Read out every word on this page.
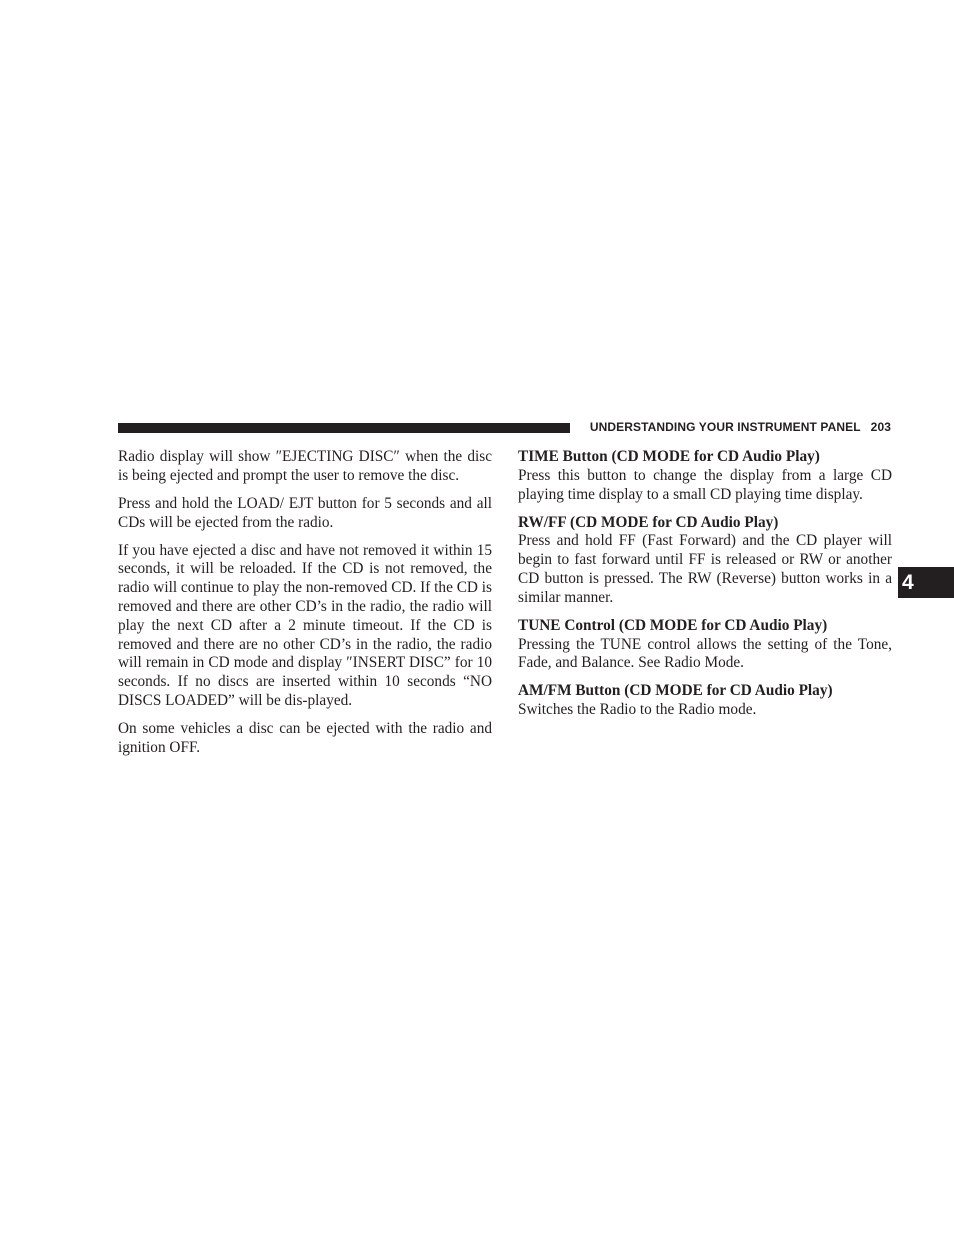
UNDERSTANDING YOUR INSTRUMENT PANEL 203
4

Radio display will show ″EJECTING DISC″ when the disc is being ejected and prompt the user to remove the disc.

Press and hold the LOAD/ EJT button for 5 seconds and all CDs will be ejected from the radio.

If you have ejected a disc and have not removed it within 15 seconds, it will be reloaded. If the CD is not removed, the radio will continue to play the non-removed CD. If the CD is removed and there are other CD’s in the radio, the radio will play the next CD after a 2 minute timeout. If the CD is removed and there are no other CD’s in the radio, the radio will remain in CD mode and display ″INSERT DISC” for 10 seconds. If no discs are inserted within 10 seconds “NO DISCS LOADED” will be dis-played.

On some vehicles a disc can be ejected with the radio and ignition OFF.

TIME Button (CD MODE for CD Audio Play)

Press this button to change the display from a large CD playing time display to a small CD playing time display.

RW/FF (CD MODE for CD Audio Play)

Press and hold FF (Fast Forward) and the CD player will begin to fast forward until FF is released or RW or another CD button is pressed. The RW (Reverse) button works in a similar manner.

TUNE Control (CD MODE for CD Audio Play)

Pressing the TUNE control allows the setting of the Tone, Fade, and Balance. See Radio Mode.

AM/FM Button (CD MODE for CD Audio Play)

Switches the Radio to the Radio mode.
